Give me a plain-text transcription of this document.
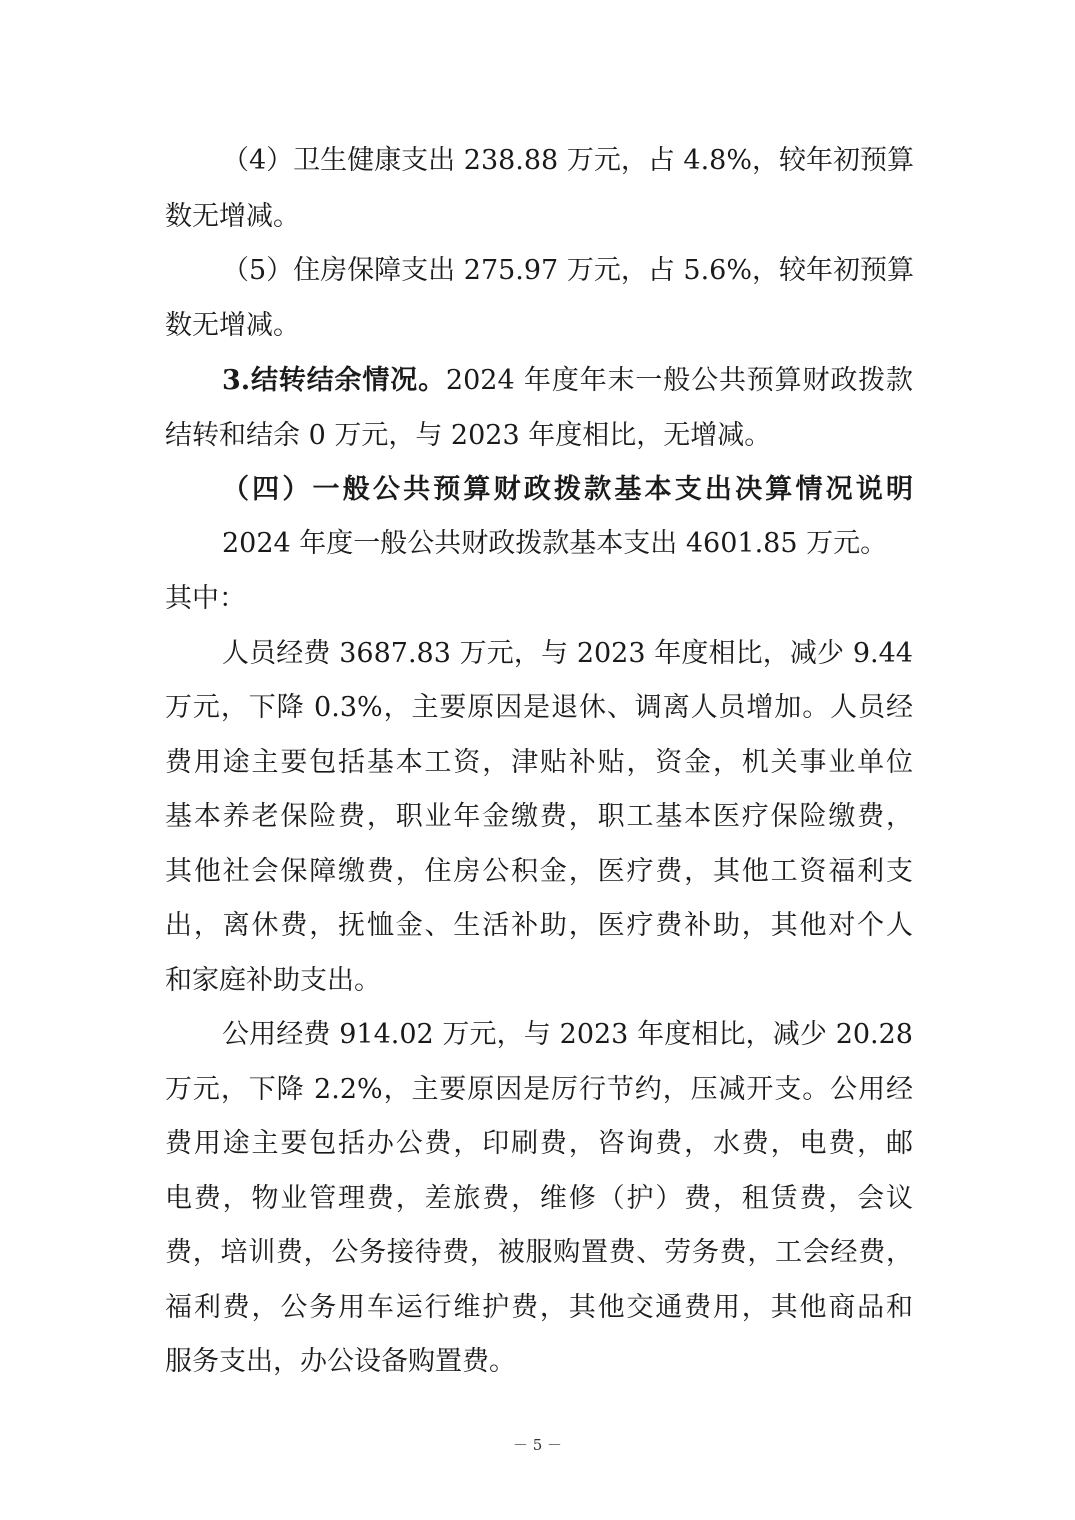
（4）卫生健康支出 238.88 万元，占 4.8%，较年初预算
数无增减。
（5）住房保障支出 275.97 万元，占 5.6%，较年初预算
数无增减。
3.结转结余情况。2024 年度年末一般公共预算财政拨款
结转和结余 0 万元，与 2023 年度相比，无增减。
（四）一般公共预算财政拨款基本支出决算情况说明
2024 年度一般公共财政拨款基本支出 4601.85 万元。
其中：
人员经费 3687.83 万元，与 2023 年度相比，减少 9.44
万元，下降 0.3%，主要原因是退休、调离人员增加。人员经
费用途主要包括基本工资，津贴补贴，资金，机关事业单位
基本养老保险费，职业年金缴费，职工基本医疗保险缴费，
其他社会保障缴费，住房公积金，医疗费，其他工资福利支
出，离休费，抚恤金、生活补助，医疗费补助，其他对个人
和家庭补助支出。
公用经费 914.02 万元，与 2023 年度相比，减少 20.28
万元，下降 2.2%，主要原因是厉行节约，压减开支。公用经
费用途主要包括办公费，印刷费，咨询费，水费，电费，邮
电费，物业管理费，差旅费，维修（护）费，租赁费，会议
费，培训费，公务接待费，被服购置费、劳务费，工会经费，
福利费，公务用车运行维护费，其他交通费用，其他商品和
服务支出，办公设备购置费。
－ 5 －
